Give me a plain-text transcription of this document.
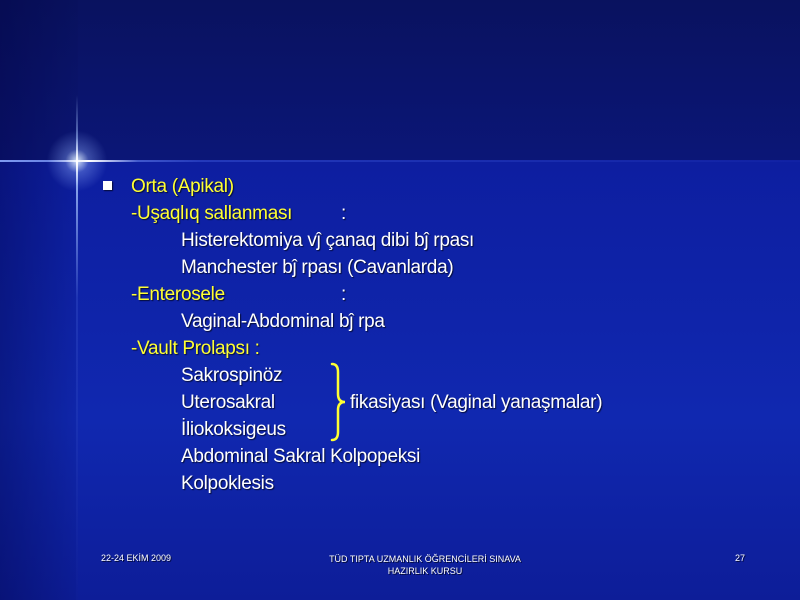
Orta (Apikal)
-Uşaqlıq sallanması	:
Histerektomiya vĵ çanaq dibi bĵ rpası
Manchester bĵ rpası (Cavanlarda)
-Enterosele	:
Vaginal-Abdominal bĵ rpa
-Vault Prolapsı :
Sakrospinöz
Uterosakral	fikasiyası (Vaginal yanaşmalar)
İliokoksigeus
Abdominal Sakral Kolpopeksi
Kolpoklesis
22-24 EKİM 2009	TÜD TIPTA UZMANLIK ÖĞRENCİLERİ SINAVA
HAZIRLIK KURSU
27
